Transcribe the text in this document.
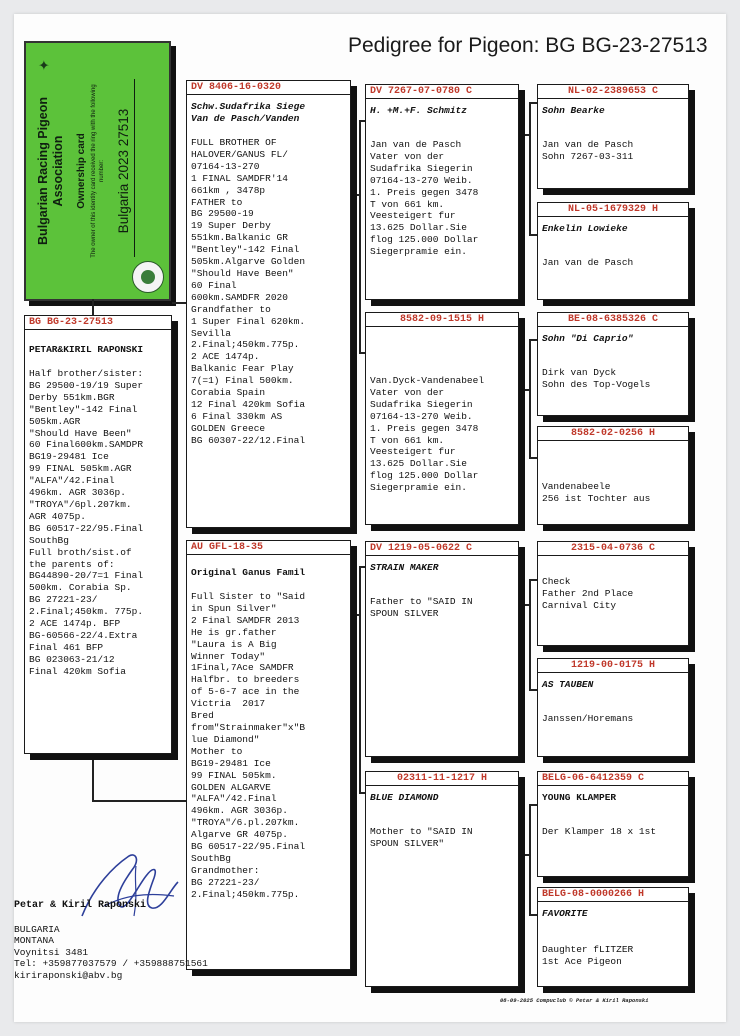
Pedigree for Pigeon: BG BG-23-27513
Bulgarian Racing Pigeon Association Ownership card The owner of this identity card received the ring with the following number: Bulgaria 2023 27513
✦
BG BG-23-27513
PETAR&KIRIL RAPONSKI
Half brother/sister:
BG 29500-19/19 Super
Derby 551km.BGR
"Bentley"-142 Final
505km.AGR
"Should Have Been"
60 Final600km.SAMDPR
BG19-29481 Ice
99 FINAL 505km.AGR
"ALFA"/42.Final
496km. AGR 3036p.
"TROYA"/6pl.207km.
AGR 4075p.
BG 60517-22/95.Final
SouthBg
Full broth/sist.of
the parents of:
BG44890-20/7=1 Final
500km. Corabia Sp.
BG 27221-23/
2.Final;450km. 775p.
2 ACE 1474p. BFP
BG-60566-22/4.Extra
Final 461 BFP
BG 023063-21/12
Final 420km Sofia
DV 8406-16-0320
Schw.Sudafrika Siege
Van de Pasch/Vanden
FULL BROTHER OF
HALOVER/GANUS FL/
07164-13-270
1 FINAL SAMDFR'14
661km , 3478p
FATHER to
BG 29500-19
19 Super Derby
551km.Balkanic GR
"Bentley"-142 Final
505km.Algarve Golden
"Should Have Been"
60 Final
600km.SAMDFR 2020
Grandfather to
1 Super Final 620km.
Sevilla
2.Final;450km.775p.
2 ACE 1474p.
Balkanic Fear Play
7(=1) Final 500km.
Corabia Spain
12 Final 420km Sofia
6 Final 330km AS
GOLDEN Greece
BG 60307-22/12.Final
AU GFL-18-35
Original Ganus Famil
Full Sister to "Said
in Spun Silver"
2 Final SAMDFR 2013
He is gr.father
"Laura is A Big
Winner Today"
1Final,7Ace SAMDFR
Halfbr. to breeders
of 5-6-7 ace in the
Victria  2017
Bred
from"Strainmaker"x"B
lue Diamond"
Mother to
BG19-29481 Ice
99 FINAL 505km.
GOLDEN ALGARVE
"ALFA"/42.Final
496km. AGR 3036p.
"TROYA"/6.pl.207km.
Algarve GR 4075p.
BG 60517-22/95.Final
SouthBg
Grandmother:
BG 27221-23/
2.Final;450km.775p.
DV 7267-07-0780 C
H. +M.+F. Schmitz
Jan van de Pasch
Vater von der
Sudafrika Siegerin
07164-13-270 Weib.
1. Preis gegen 3478
T von 661 km.
Veesteigert fur
13.625 Dollar.Sie
flog 125.000 Dollar
Siegerpramie ein.
8582-09-1515 H
Van.Dyck-Vandenabeel
Vater von der
Sudafrika Siegerin
07164-13-270 Weib.
1. Preis gegen 3478
T von 661 km.
Veesteigert fur
13.625 Dollar.Sie
flog 125.000 Dollar
Siegerpramie ein.
DV 1219-05-0622 C
STRAIN MAKER
Father to "SAID IN
SPOUN SILVER
02311-11-1217 H
BLUE DIAMOND
Mother to "SAID IN
SPOUN SILVER"
NL-02-2389653 C
Sohn Bearke
Jan van de Pasch
Sohn 7267-03-311
NL-05-1679329 H
Enkelin Lowieke
Jan van de Pasch
BE-08-6385326 C
Sohn "Di Caprio"
Dirk van Dyck
Sohn des Top-Vogels
8582-02-0256 H
Vandenabeele
256 ist Tochter aus
2315-04-0736 C
Check
Father 2nd Place
Carnival City
1219-00-0175 H
AS TAUBEN
Janssen/Horemans
BELG-06-6412359 C
YOUNG KLAMPER
Der Klamper 18 x 1st
BELG-08-0000266 H
FAVORITE
Daughter fLITZER
1st Ace Pigeon
Petar & Kiril Raponski
BULGARIA
MONTANA
Voynitsi 3481
Tel: +359877037579 / +359888751561
kiriraponski@abv.bg
08-09-2025 Compuclub © Petar & Kiril Raponski
